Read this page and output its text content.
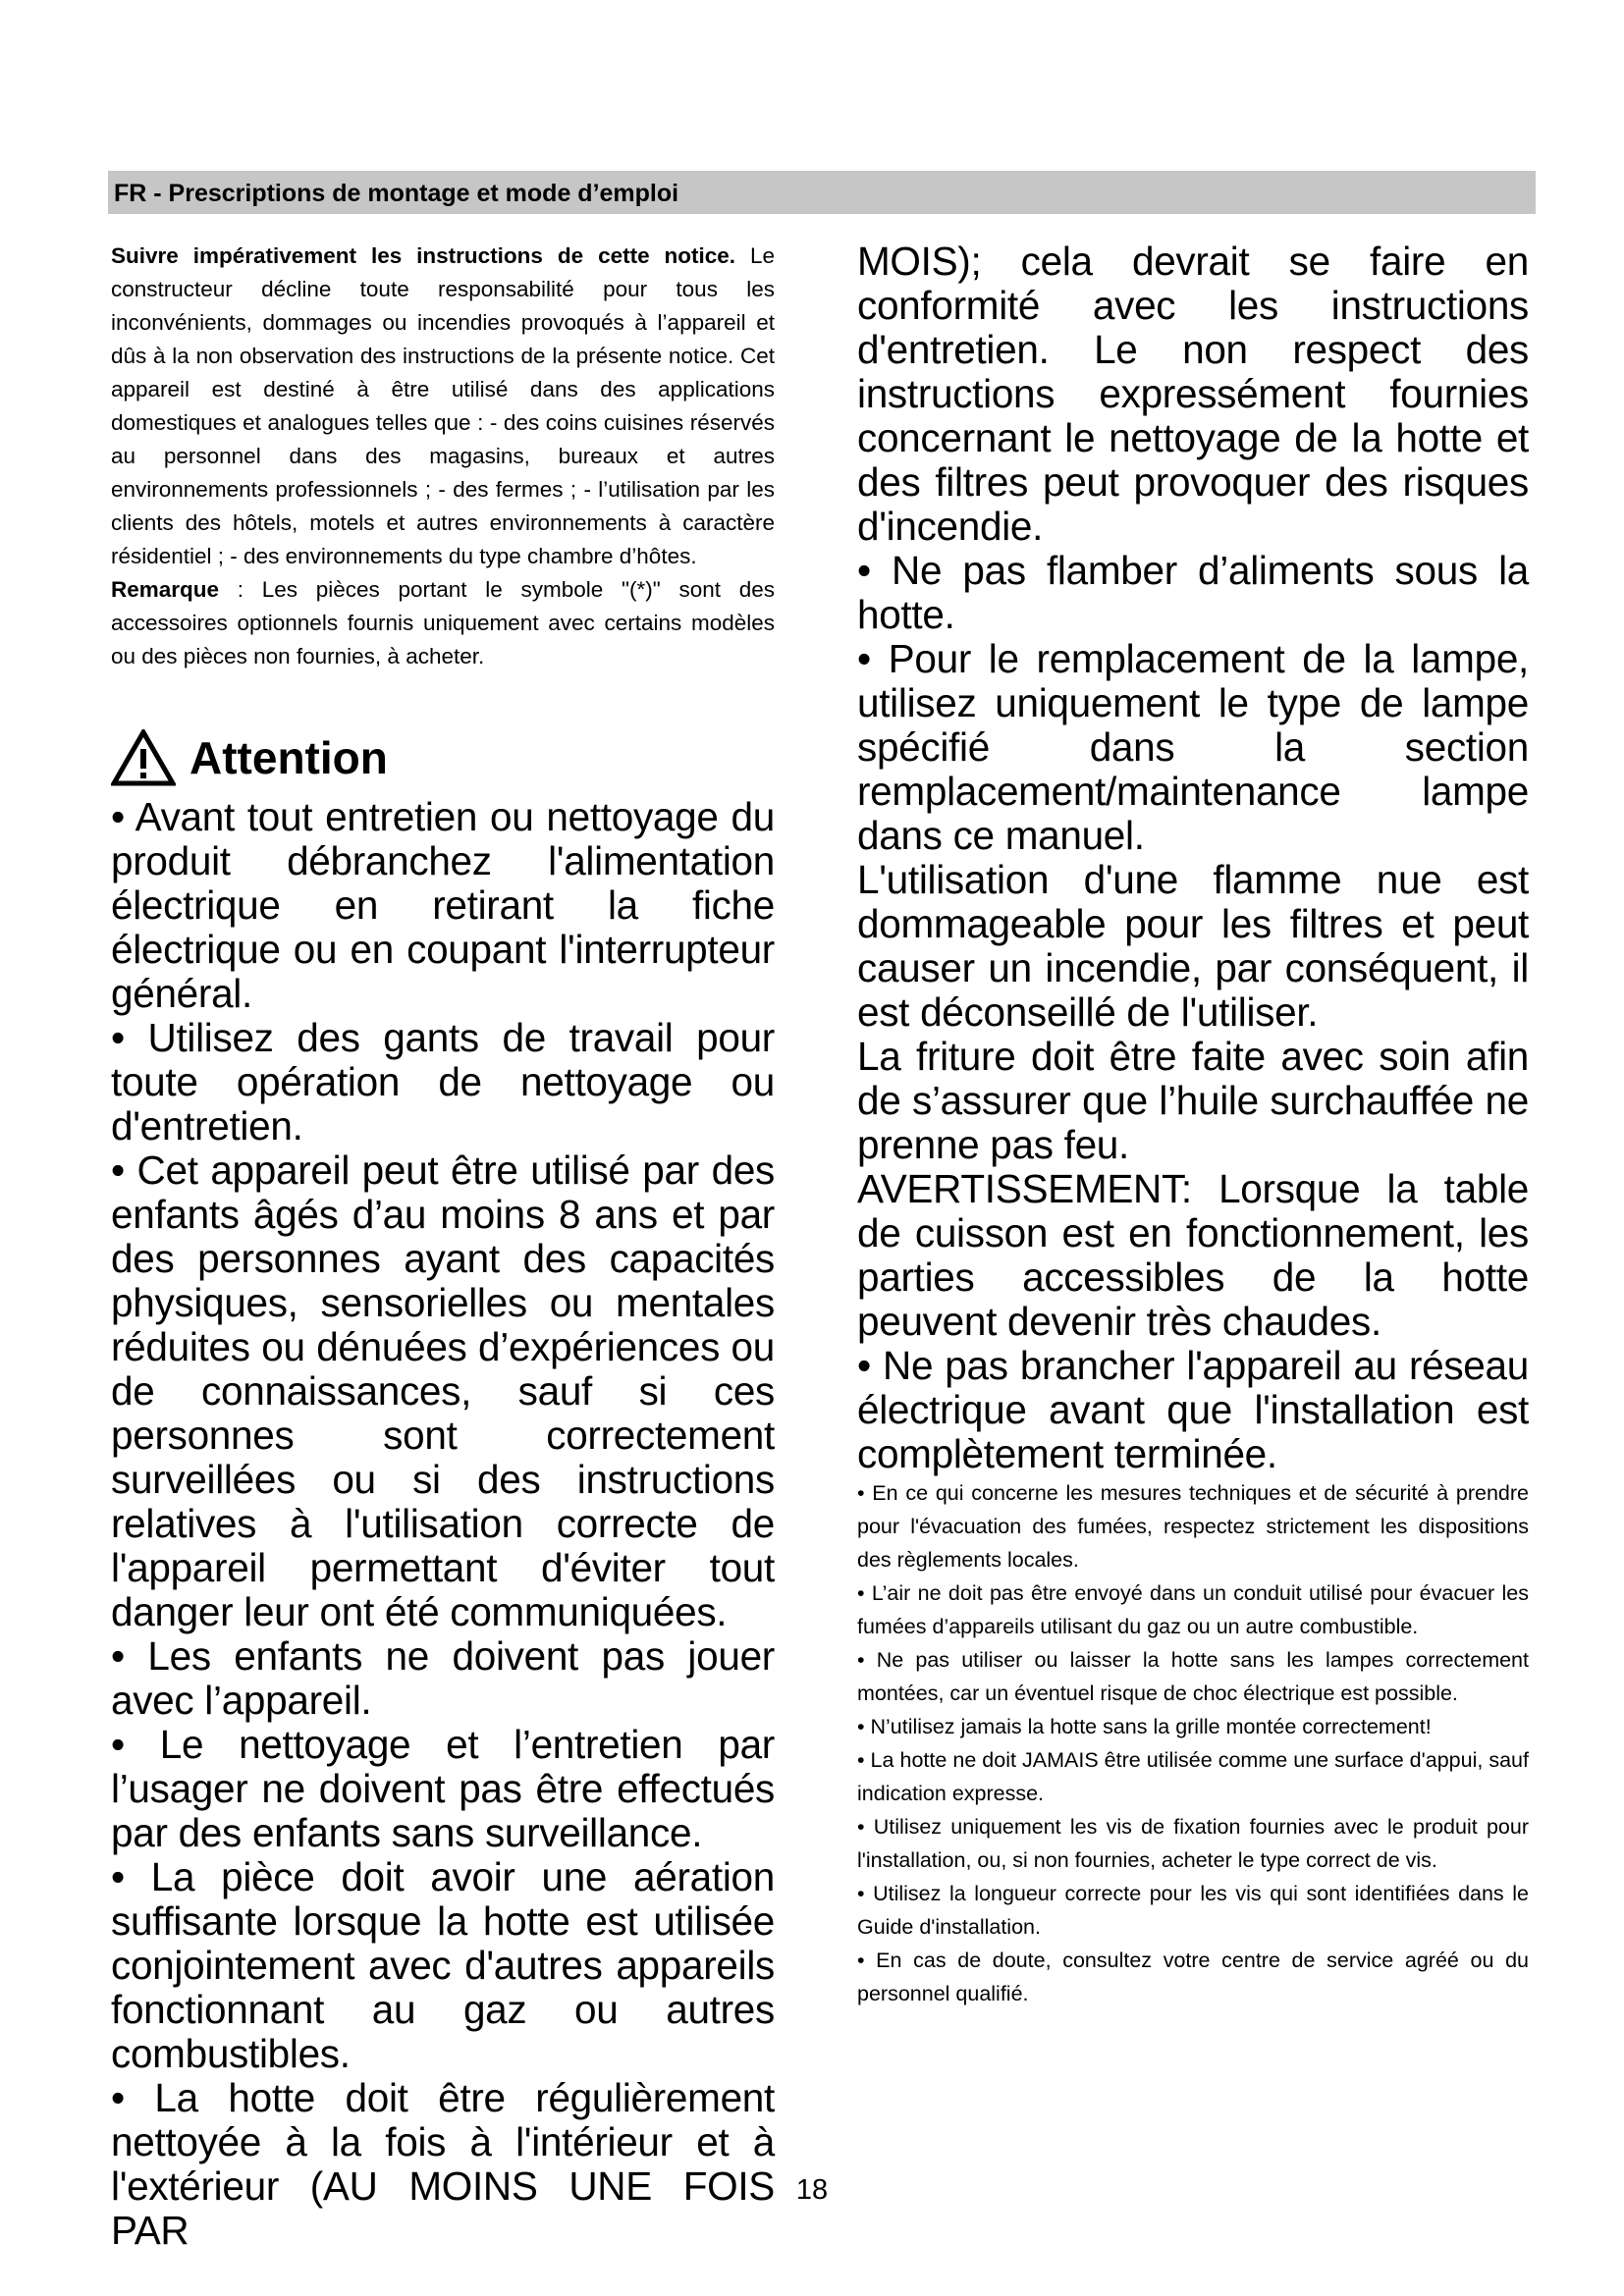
FR - Prescriptions de montage et mode d’emploi

Suivre impérativement les instructions de cette notice. Le constructeur décline toute responsabilité pour tous les inconvénients, dommages ou incendies provoqués à l’appareil et dûs à la non observation des instructions de la présente notice. Cet appareil est destiné à être utilisé dans des applications domestiques et analogues telles que : - des coins cuisines réservés au personnel dans des magasins, bureaux et autres environnements professionnels ; - des fermes ; - l’utilisation par les clients des hôtels, motels et autres environnements à caractère résidentiel ; - des environnements du type chambre d’hôtes.

Remarque : Les pièces portant le symbole "(*)" sont des accessoires optionnels fournis uniquement avec certains modèles ou des pièces non fournies, à acheter.

Attention

• Avant tout entretien ou nettoyage du produit débranchez l'alimentation électrique en retirant la fiche électrique ou en coupant l'interrupteur général.

• Utilisez des gants de travail pour toute opération de nettoyage ou d'entretien.

• Cet appareil peut être utilisé par des enfants âgés d’au moins 8 ans et par des personnes ayant des capacités physiques, sensorielles ou mentales réduites ou dénuées d’expériences ou de connaissances, sauf si ces personnes sont correctement surveillées ou si des instructions relatives à l'utilisation correcte de l'appareil permettant d'éviter tout danger leur ont été communiquées.

• Les enfants ne doivent pas jouer avec l’appareil.

• Le nettoyage et l’entretien par l’usager ne doivent pas être effectués par des enfants sans surveillance.

• La pièce doit avoir une aération suffisante lorsque la hotte est utilisée conjointement avec d'autres appareils fonctionnant au gaz ou autres combustibles.

• La hotte doit être régulièrement nettoyée à la fois à l'intérieur et à l'extérieur (AU MOINS UNE FOIS PAR

MOIS); cela devrait se faire en conformité avec les instructions d'entretien. Le non respect des instructions expressément fournies concernant le nettoyage de la hotte et des filtres peut provoquer des risques d'incendie.

• Ne pas flamber d’aliments sous la hotte.

• Pour le remplacement de la lampe, utilisez uniquement le type de lampe spécifié dans la section remplacement/maintenance lampe dans ce manuel.

L'utilisation d'une flamme nue est dommageable pour les filtres et peut causer un incendie, par conséquent, il est déconseillé de l'utiliser.

La friture doit être faite avec soin afin de s’assurer que l’huile surchauffée ne prenne pas feu.

AVERTISSEMENT: Lorsque la table de cuisson est en fonctionnement, les parties accessibles de la hotte peuvent devenir très chaudes.

• Ne pas brancher l'appareil au réseau électrique avant que l'installation est complètement terminée.

• En ce qui concerne les mesures techniques et de sécurité à prendre pour l'évacuation des fumées, respectez strictement les dispositions des règlements locales.

• L’air ne doit pas être envoyé dans un conduit utilisé pour évacuer les fumées d’appareils utilisant du gaz ou un autre combustible.

• Ne pas utiliser ou laisser la hotte sans les lampes correctement montées, car un éventuel risque de choc électrique est possible.

• N’utilisez jamais la hotte sans la grille montée correctement!

• La hotte ne doit JAMAIS être utilisée comme une surface d'appui, sauf indication expresse.

• Utilisez uniquement les vis de fixation fournies avec le produit pour l'installation, ou, si non fournies, acheter le type correct de vis.

• Utilisez la longueur correcte pour les vis qui sont identifiées dans le Guide d'installation.

• En cas de doute, consultez votre centre de service agréé ou du personnel qualifié.

18
